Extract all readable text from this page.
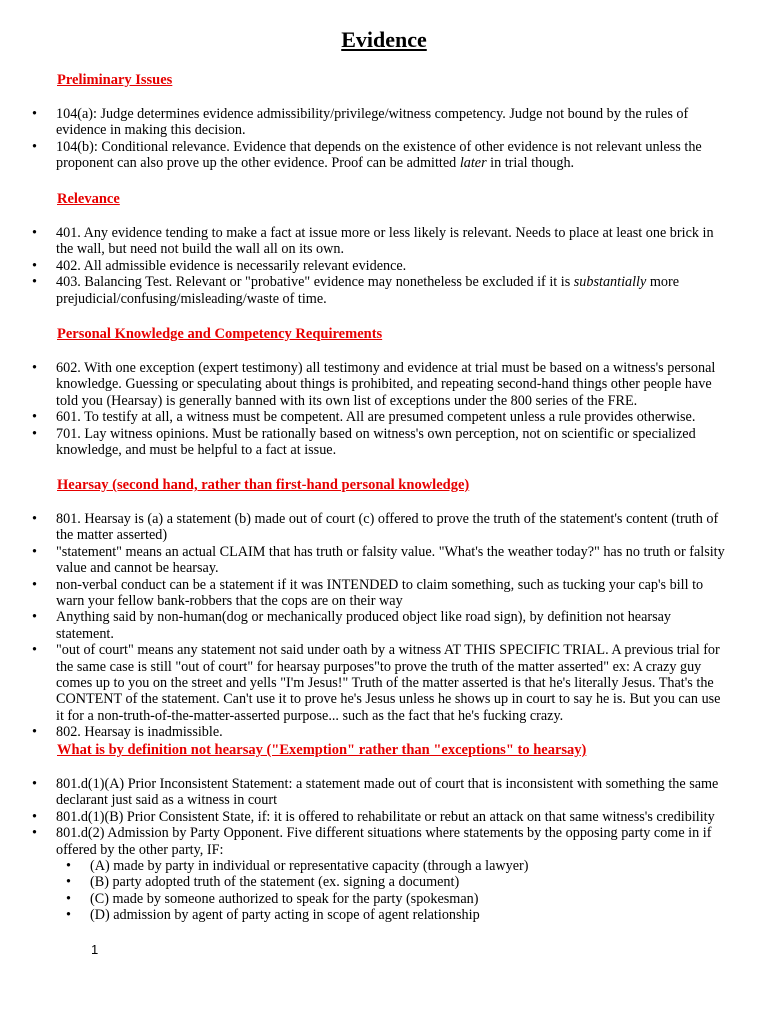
Evidence
Preliminary Issues
• 104(a): Judge determines evidence admissibility/privilege/witness competency. Judge not bound by the rules of evidence in making this decision.
• 104(b): Conditional relevance. Evidence that depends on the existence of other evidence is not relevant unless the proponent can also prove up the other evidence. Proof can be admitted later in trial though.
Relevance
• 401. Any evidence tending to make a fact at issue more or less likely is relevant. Needs to place at least one brick in the wall, but need not build the wall all on its own.
• 402. All admissible evidence is necessarily relevant evidence.
• 403. Balancing Test. Relevant or "probative" evidence may nonetheless be excluded if it is substantially more prejudicial/confusing/misleading/waste of time.
Personal Knowledge and Competency Requirements
• 602. With one exception (expert testimony) all testimony and evidence at trial must be based on a witness's personal knowledge. Guessing or speculating about things is prohibited, and repeating second-hand things other people have told you (Hearsay) is generally banned with its own list of exceptions under the 800 series of the FRE.
• 601. To testify at all, a witness must be competent. All are presumed competent unless a rule provides otherwise.
• 701. Lay witness opinions. Must be rationally based on witness's own perception, not on scientific or specialized knowledge, and must be helpful to a fact at issue.
Hearsay (second hand, rather than first-hand personal knowledge)
• 801. Hearsay is (a) a statement (b) made out of court (c) offered to prove the truth of the statement's content (truth of the matter asserted)
• "statement" means an actual CLAIM that has truth or falsity value. "What's the weather today?" has no truth or falsity value and cannot be hearsay.
• non-verbal conduct can be a statement if it was INTENDED to claim something, such as tucking your cap's bill to warn your fellow bank-robbers that the cops are on their way
• Anything said by non-human(dog or mechanically produced object like road sign), by definition not hearsay statement.
• "out of court" means any statement not said under oath by a witness AT THIS SPECIFIC TRIAL. A previous trial for the same case is still "out of court" for hearsay purposes"to prove the truth of the matter asserted" ex: A crazy guy comes up to you on the street and yells "I'm Jesus!" Truth of the matter asserted is that he's literally Jesus. That's the CONTENT of the statement. Can't use it to prove he's Jesus unless he shows up in court to say he is. But you can use it for a non-truth-of-the-matter-asserted purpose... such as the fact that he's fucking crazy.
• 802. Hearsay is inadmissible.
What is by definition not hearsay ("Exemption" rather than "exceptions" to hearsay)
• 801.d(1)(A) Prior Inconsistent Statement: a statement made out of court that is inconsistent with something the same declarant just said as a witness in court
• 801.d(1)(B) Prior Consistent State, if: it is offered to rehabilitate or rebut an attack on that same witness's credibility
• 801.d(2) Admission by Party Opponent. Five different situations where statements by the opposing party come in if offered by the other party, IF:
• (A) made by party in individual or representative capacity (through a lawyer)
• (B) party adopted truth of the statement (ex. signing a document)
• (C) made by someone authorized to speak for the party (spokesman)
• (D) admission by agent of party acting in scope of agent relationship
1
